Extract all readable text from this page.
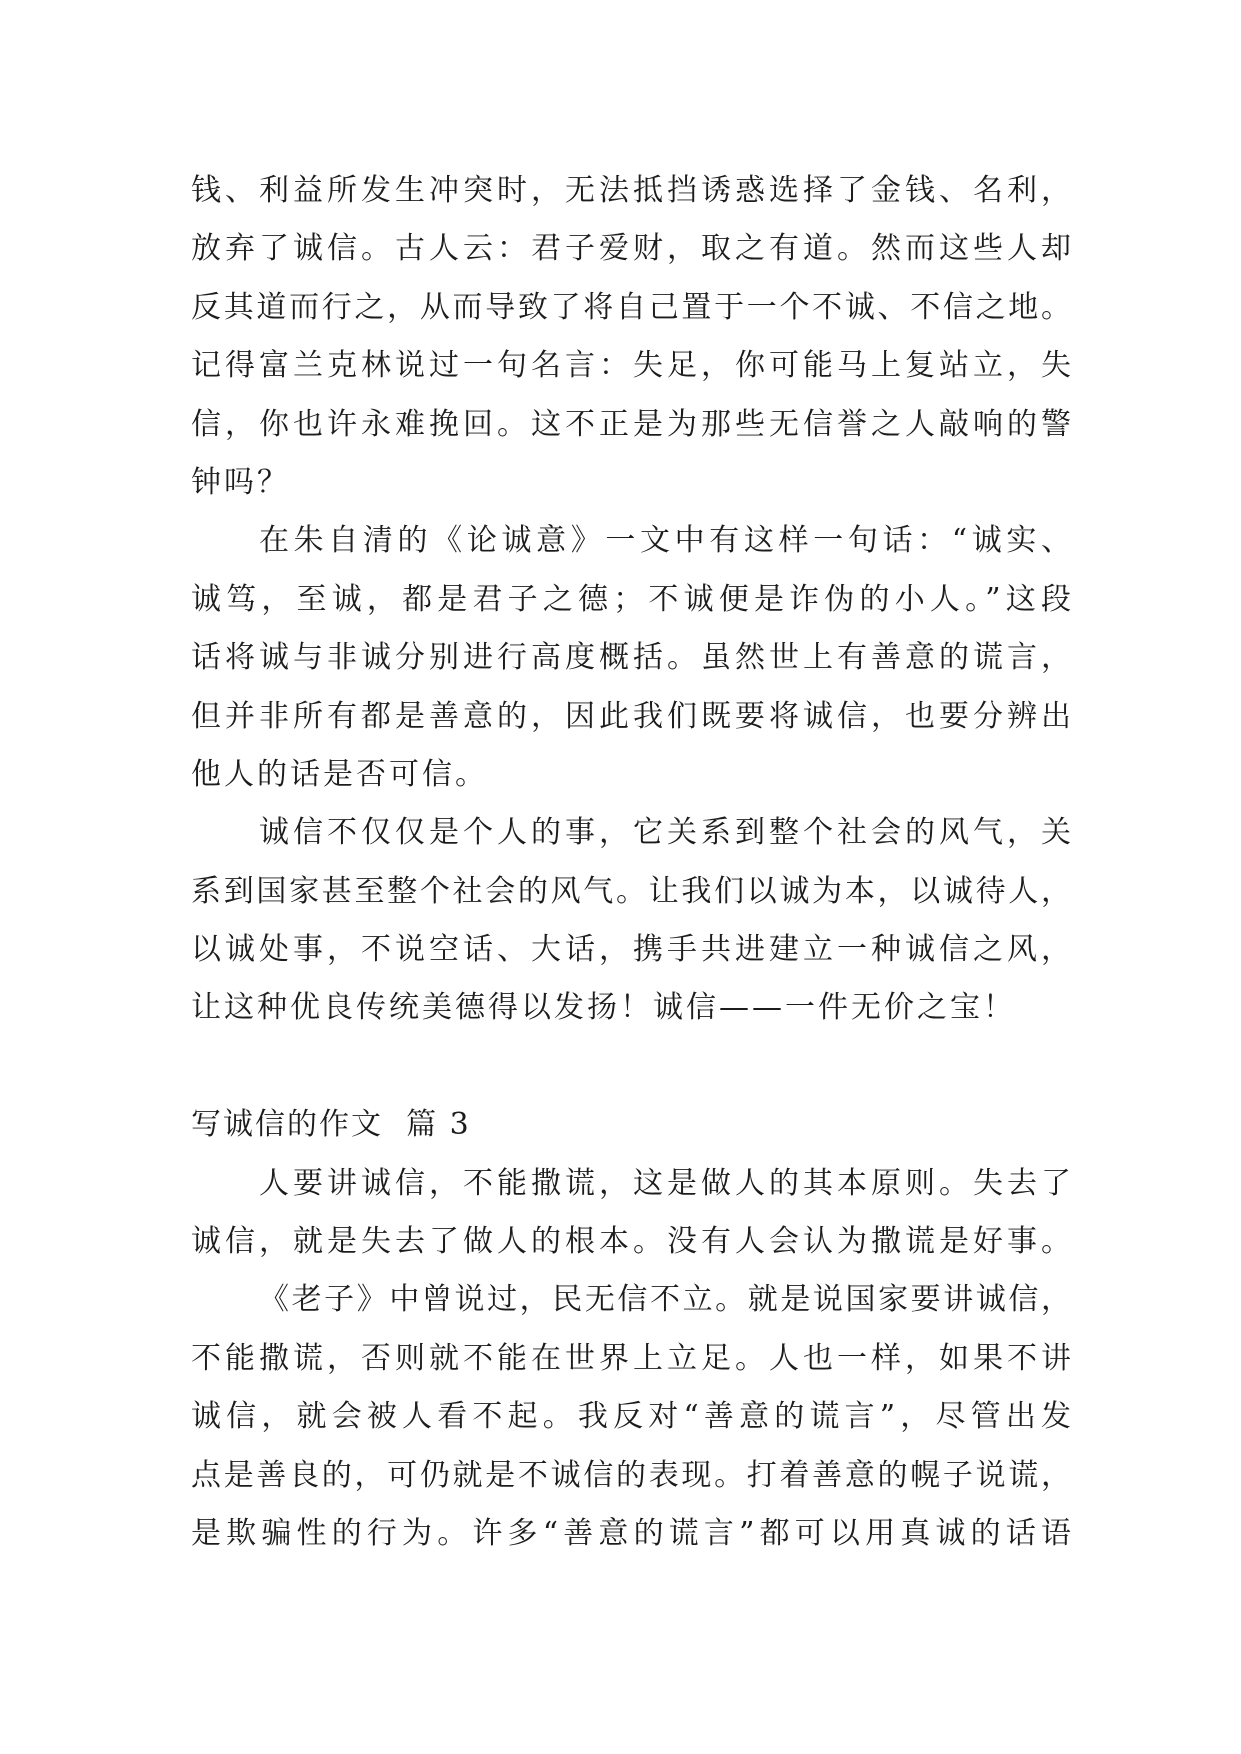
钱、利益所发生冲突时，无法抵挡诱惑选择了金钱、名利，
放弃了诚信。古人云：君子爱财，取之有道。然而这些人却
反其道而行之，从而导致了将自己置于一个不诚、不信之地。
记得富兰克林说过一句名言：失足，你可能马上复站立，失
信，你也许永难挽回。这不正是为那些无信誉之人敲响的警
钟吗？
在朱自清的《论诚意》一文中有这样一句话：“诚实、
诚笃，至诚，都是君子之德；不诚便是诈伪的小人。”这段
话将诚与非诚分别进行高度概括。虽然世上有善意的谎言，
但并非所有都是善意的，因此我们既要将诚信，也要分辨出
他人的话是否可信。
诚信不仅仅是个人的事，它关系到整个社会的风气，关
系到国家甚至整个社会的风气。让我们以诚为本，以诚待人，
以诚处事，不说空话、大话，携手共进建立一种诚信之风，
让这种优良传统美德得以发扬！诚信——一件无价之宝！
写诚信的作文  篇 3
人要讲诚信，不能撒谎，这是做人的其本原则。失去了
诚信，就是失去了做人的根本。没有人会认为撒谎是好事。
《老子》中曾说过，民无信不立。就是说国家要讲诚信，
不能撒谎，否则就不能在世界上立足。人也一样，如果不讲
诚信，就会被人看不起。我反对“善意的谎言”，尽管出发
点是善良的，可仍就是不诚信的表现。打着善意的幌子说谎，
是欺骗性的行为。许多“善意的谎言”都可以用真诚的话语
